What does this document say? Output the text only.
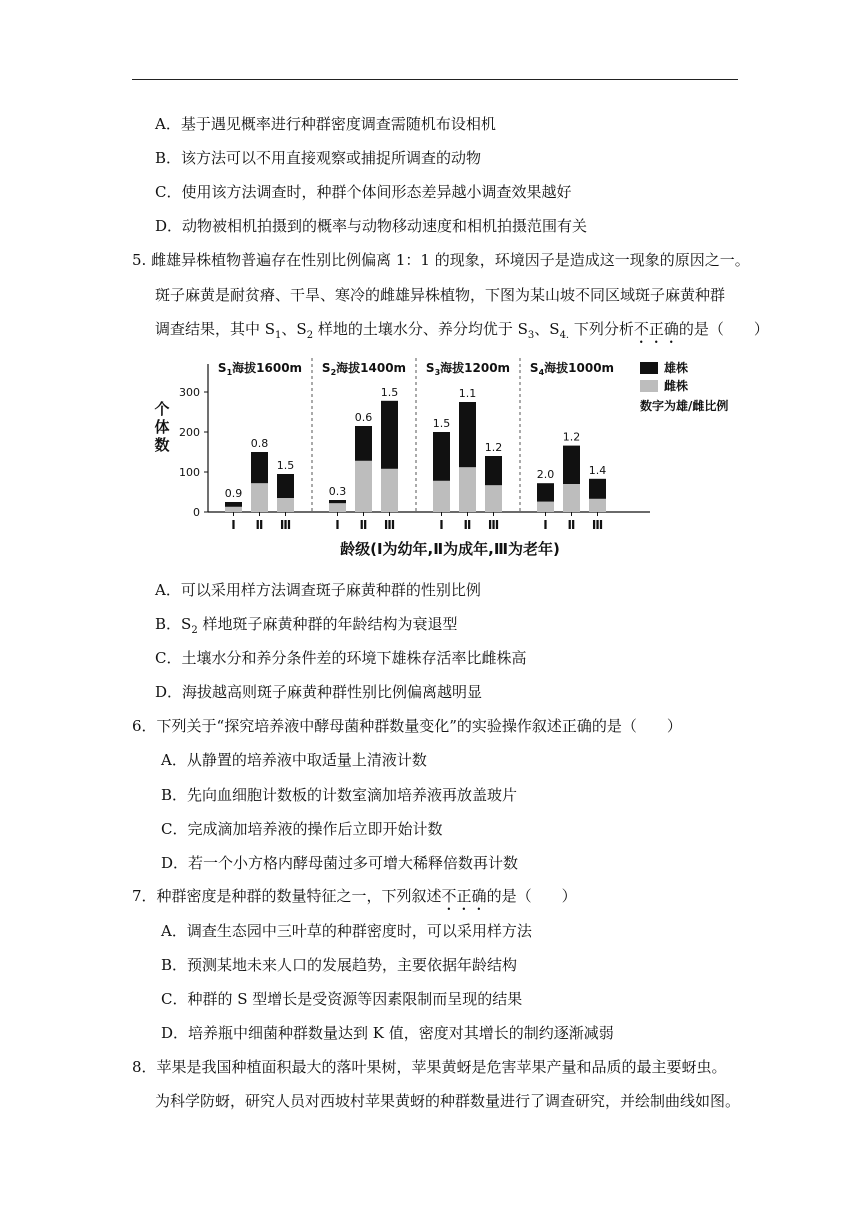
A．基于遇见概率进行种群密度调查需随机布设相机
B．该方法可以不用直接观察或捕捉所调查的动物
C．使用该方法调查时，种群个体间形态差异越小调查效果越好
D．动物被相机拍摄到的概率与动物移动速度和相机拍摄范围有关
5. 雌雄异株植物普遍存在性别比例偏离 1：1 的现象，环境因子是造成这一现象的原因之一。
斑子麻黄是耐贫瘠、干旱、寒冷的雌雄异株植物，下图为某山坡不同区域斑子麻黄种群
调查结果，其中 $S_1$、$S_2$ 样地的土壤水分、养分均优于 $S_3$、$S_{4.}$ 下列分析不正确的是（　　）
0
100
200
300
个
体
数
$S_1$海拔1600m
0.9
Ⅰ
0.8
Ⅱ
1.5
Ⅲ
$S_2$海拔1400m
0.3
Ⅰ
0.6
Ⅱ
1.5
Ⅲ
$S_3$海拔1200m
1.5
Ⅰ
1.1
Ⅱ
1.2
Ⅲ
$S_4$海拔1000m
2.0
Ⅰ
1.2
Ⅱ
1.4
Ⅲ
龄级(Ⅰ为幼年,Ⅱ为成年,Ⅲ为老年)
雄株
雌株
数字为雄/雌比例
A．可以采用样方法调查斑子麻黄种群的性别比例
B．$S_2$ 样地斑子麻黄种群的年龄结构为衰退型
C．土壤水分和养分条件差的环境下雄株存活率比雌株高
D．海拔越高则斑子麻黄种群性别比例偏离越明显
6．下列关于“探究培养液中酵母菌种群数量变化”的实验操作叙述正确的是（　　）
A．从静置的培养液中取适量上清液计数
B．先向血细胞计数板的计数室滴加培养液再放盖玻片
C．完成滴加培养液的操作后立即开始计数
D．若一个小方格内酵母菌过多可增大稀释倍数再计数
7．种群密度是种群的数量特征之一，下列叙述不正确的是（　　）
A．调查生态园中三叶草的种群密度时，可以采用样方法
B．预测某地未来人口的发展趋势，主要依据年龄结构
C．种群的 S 型增长是受资源等因素限制而呈现的结果
D．培养瓶中细菌种群数量达到 K 值，密度对其增长的制约逐渐减弱
8．苹果是我国种植面积最大的落叶果树，苹果黄蚜是危害苹果产量和品质的最主要蚜虫。
为科学防蚜，研究人员对西坡村苹果黄蚜的种群数量进行了调查研究，并绘制曲线如图。
